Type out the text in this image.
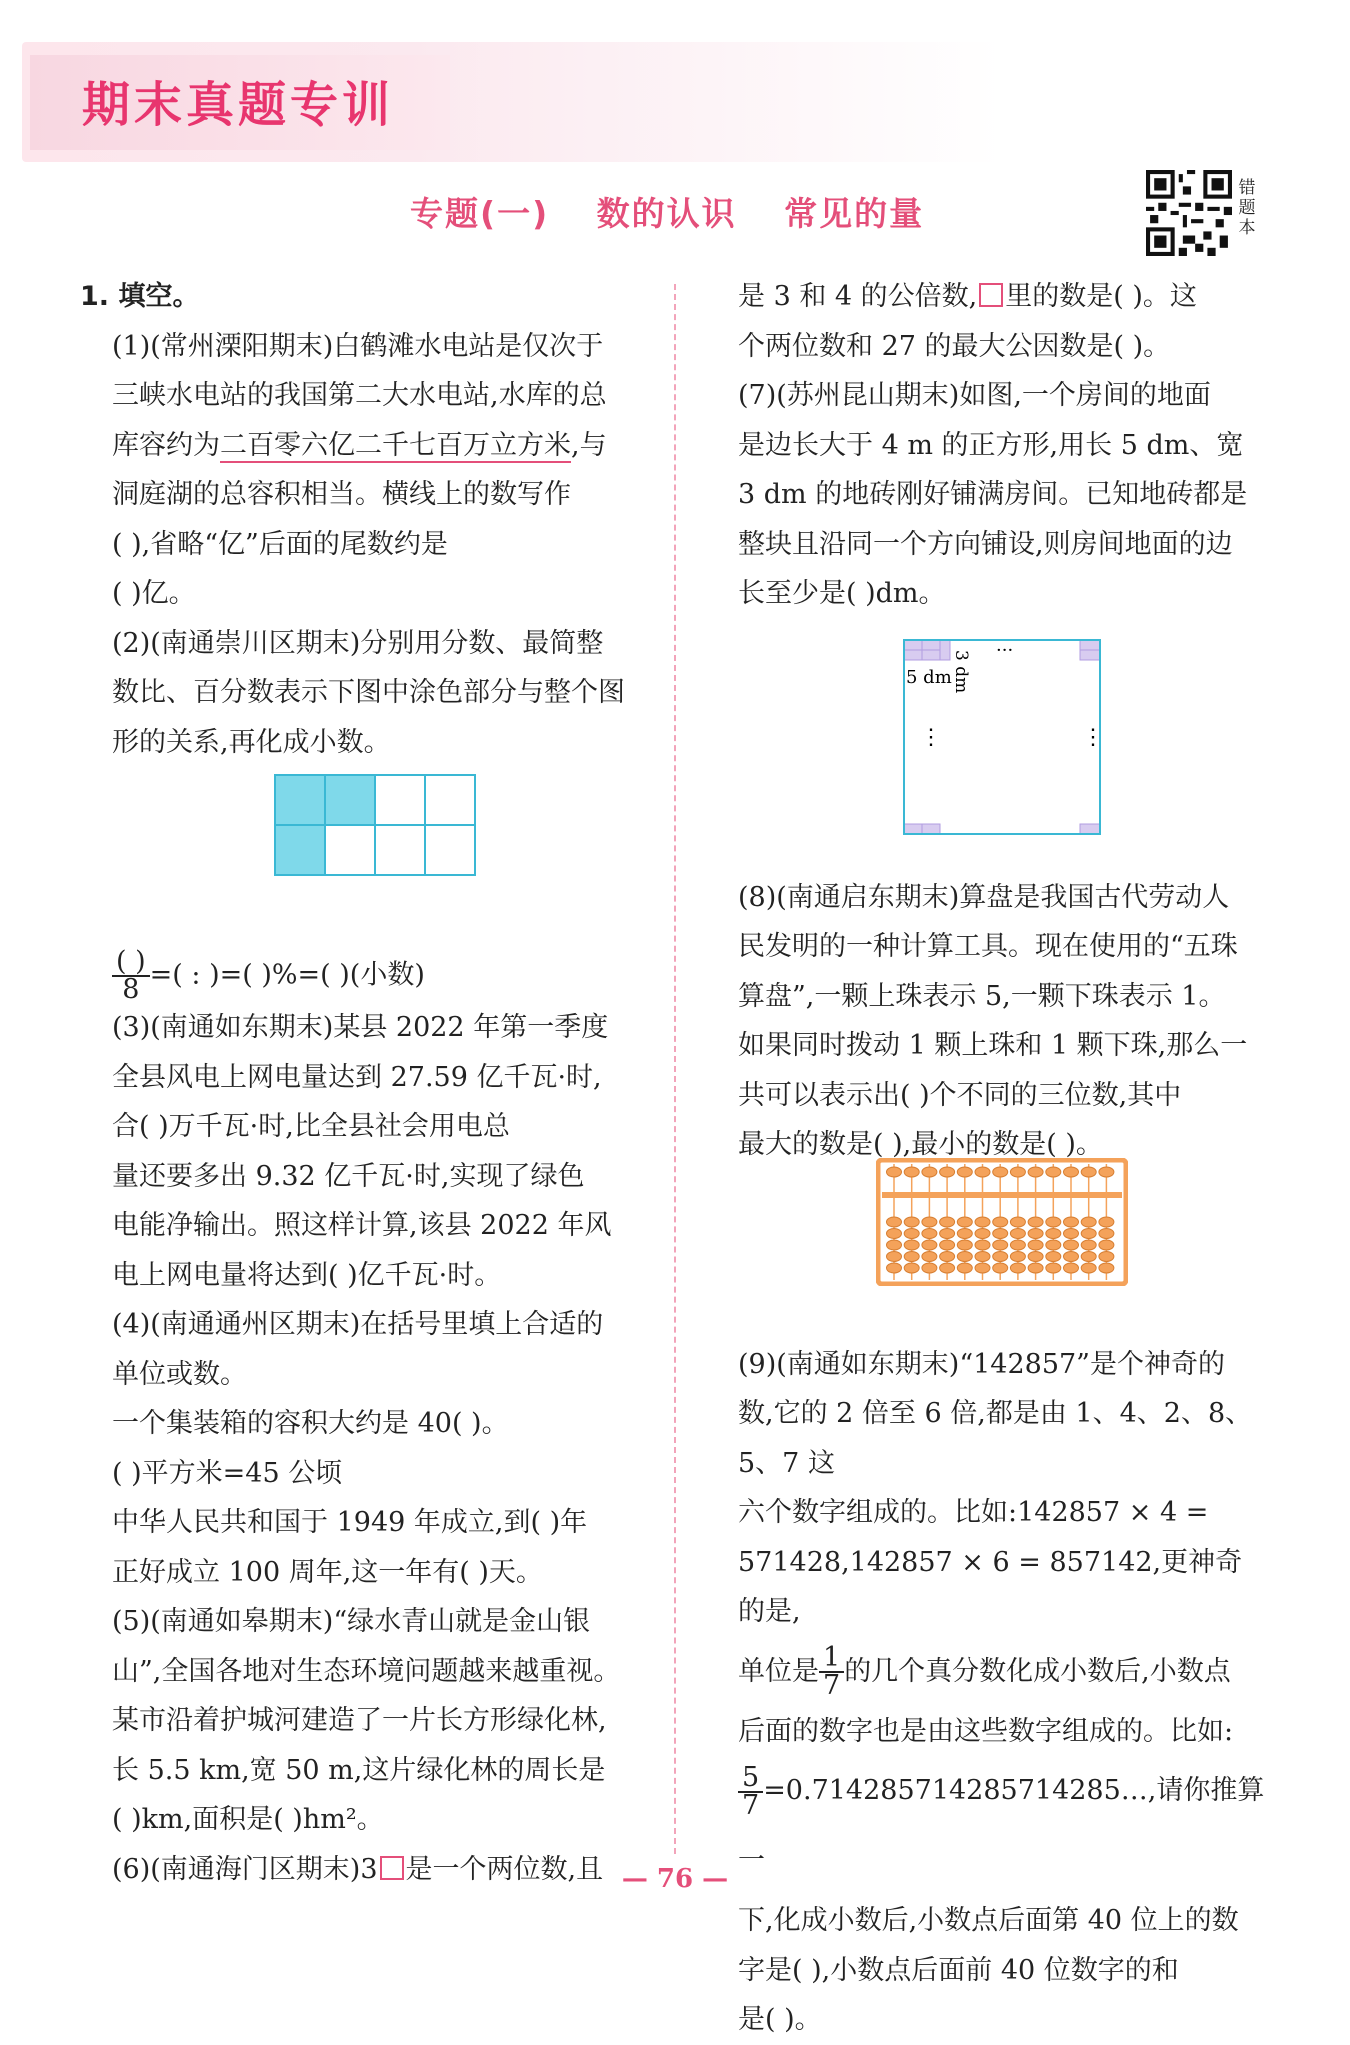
期末真题专训
专题(一) 数的认识 常见的量
错题本

1. 填空。

(1)(常州溧阳期末)白鹤滩水电站是仅次于

三峡水电站的我国第二大水电站,水库的总

库容约为二百零六亿二千七百万立方米,与

洞庭湖的总容积相当。横线上的数写作

( ),省略“亿”后面的尾数约是

( )亿。

(2)(南通崇川区期末)分别用分数、最简整

数比、百分数表示下图中涂色部分与整个图

形的关系,再化成小数。

$\frac{( )}{8}$ =( : )=( )%=( )(小数)

(3)(南通如东期末)某县 2022 年第一季度

全县风电上网电量达到 27.59 亿千瓦·时,

合( )万千瓦·时,比全县社会用电总

量还要多出 9.32 亿千瓦·时,实现了绿色

电能净输出。照这样计算,该县 2022 年风

电上网电量将达到( )亿千瓦·时。

(4)(南通通州区期末)在括号里填上合适的

单位或数。

一个集装箱的容积大约是 40( )。

( )平方米=45 公顷

中华人民共和国于 1949 年成立,到( )年

正好成立 100 周年,这一年有( )天。

(5)(南通如皋期末)“绿水青山就是金山银

山”,全国各地对生态环境问题越来越重视。

某市沿着护城河建造了一片长方形绿化林,

长 5.5 km,宽 50 m,这片绿化林的周长是

( )km,面积是( )hm²。

(6)(南通海门区期末)3 是一个两位数,且

是 3 和 4 的公倍数, 里的数是( )。这

个两位数和 27 的最大公因数是( )。

(7)(苏州昆山期末)如图,一个房间的地面

是边长大于 4 m 的正方形,用长 5 dm、宽

3 dm 的地砖刚好铺满房间。已知地砖都是

整块且沿同一个方向铺设,则房间地面的边

长至少是( )dm。

(8)(南通启东期末)算盘是我国古代劳动人

民发明的一种计算工具。现在使用的“五珠

算盘”,一颗上珠表示 5,一颗下珠表示 1。

如果同时拨动 1 颗上珠和 1 颗下珠,那么一

共可以表示出( )个不同的三位数,其中

最大的数是( ),最小的数是( )。

(9)(南通如东期末)“142857”是个神奇的

数,它的 2 倍至 6 倍,都是由 1、4、2、8、5、7 这

六个数字组成的。比如:142857 × 4 =

571428,142857 × 6 = 857142,更神奇的是,

单位是 $\frac{1}{7}$ 的几个真分数化成小数后,小数点

后面的数字也是由这些数字组成的。比如:

$\frac{5}{7}$ =0.714285714285714285…,请你推算一

下,化成小数后,小数点后面第 40 位上的数

字是( ),小数点后面前 40 位数字的和

是( )。

3 dm
5 dm
···
⋮	⋮
— 76 —
